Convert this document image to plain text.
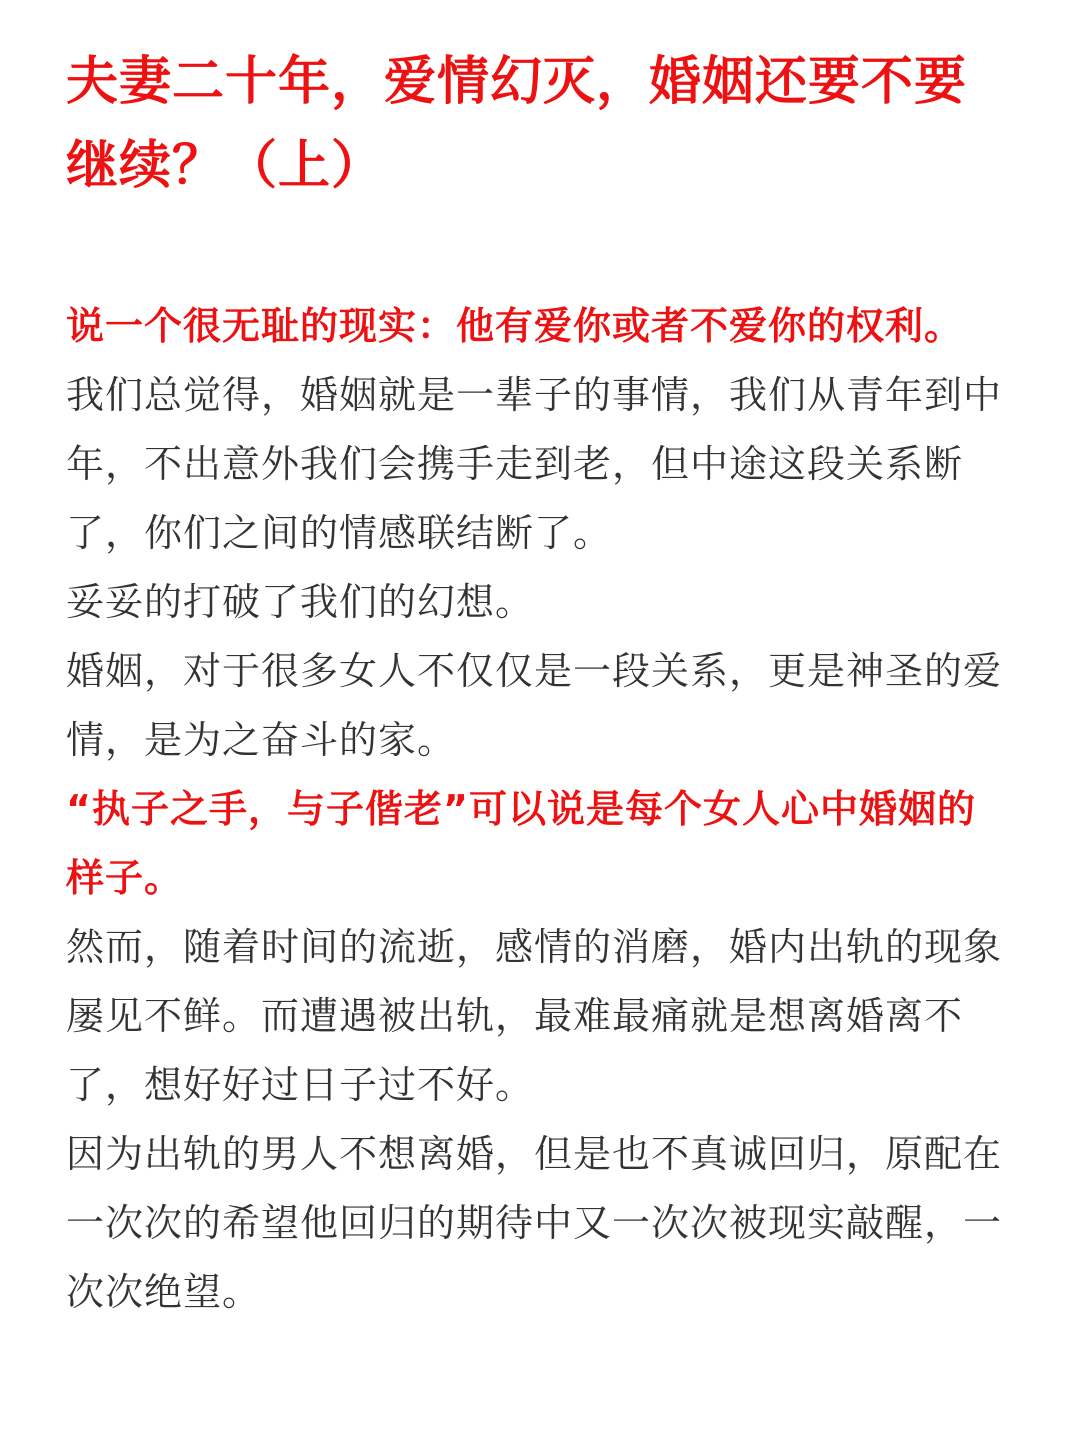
夫妻二十年，爱情幻灭，婚姻还要不要继续？（上）

说一个很无耻的现实：他有爱你或者不爱你的权利。

我们总觉得，婚姻就是一辈子的事情，我们从青年到中年，不出意外我们会携手走到老，但中途这段关系断了，你们之间的情感联结断了。

妥妥的打破了我们的幻想。

婚姻，对于很多女人不仅仅是一段关系，更是神圣的爱情，是为之奋斗的家。

“执子之手，与子偕老”可以说是每个女人心中婚姻的样子。

然而，随着时间的流逝，感情的消磨，婚内出轨的现象屡见不鲜。而遭遇被出轨，最难最痛就是想离婚离不了，想好好过日子过不好。

因为出轨的男人不想离婚，但是也不真诚回归，原配在一次次的希望他回归的期待中又一次次被现实敲醒，一次次绝望。
